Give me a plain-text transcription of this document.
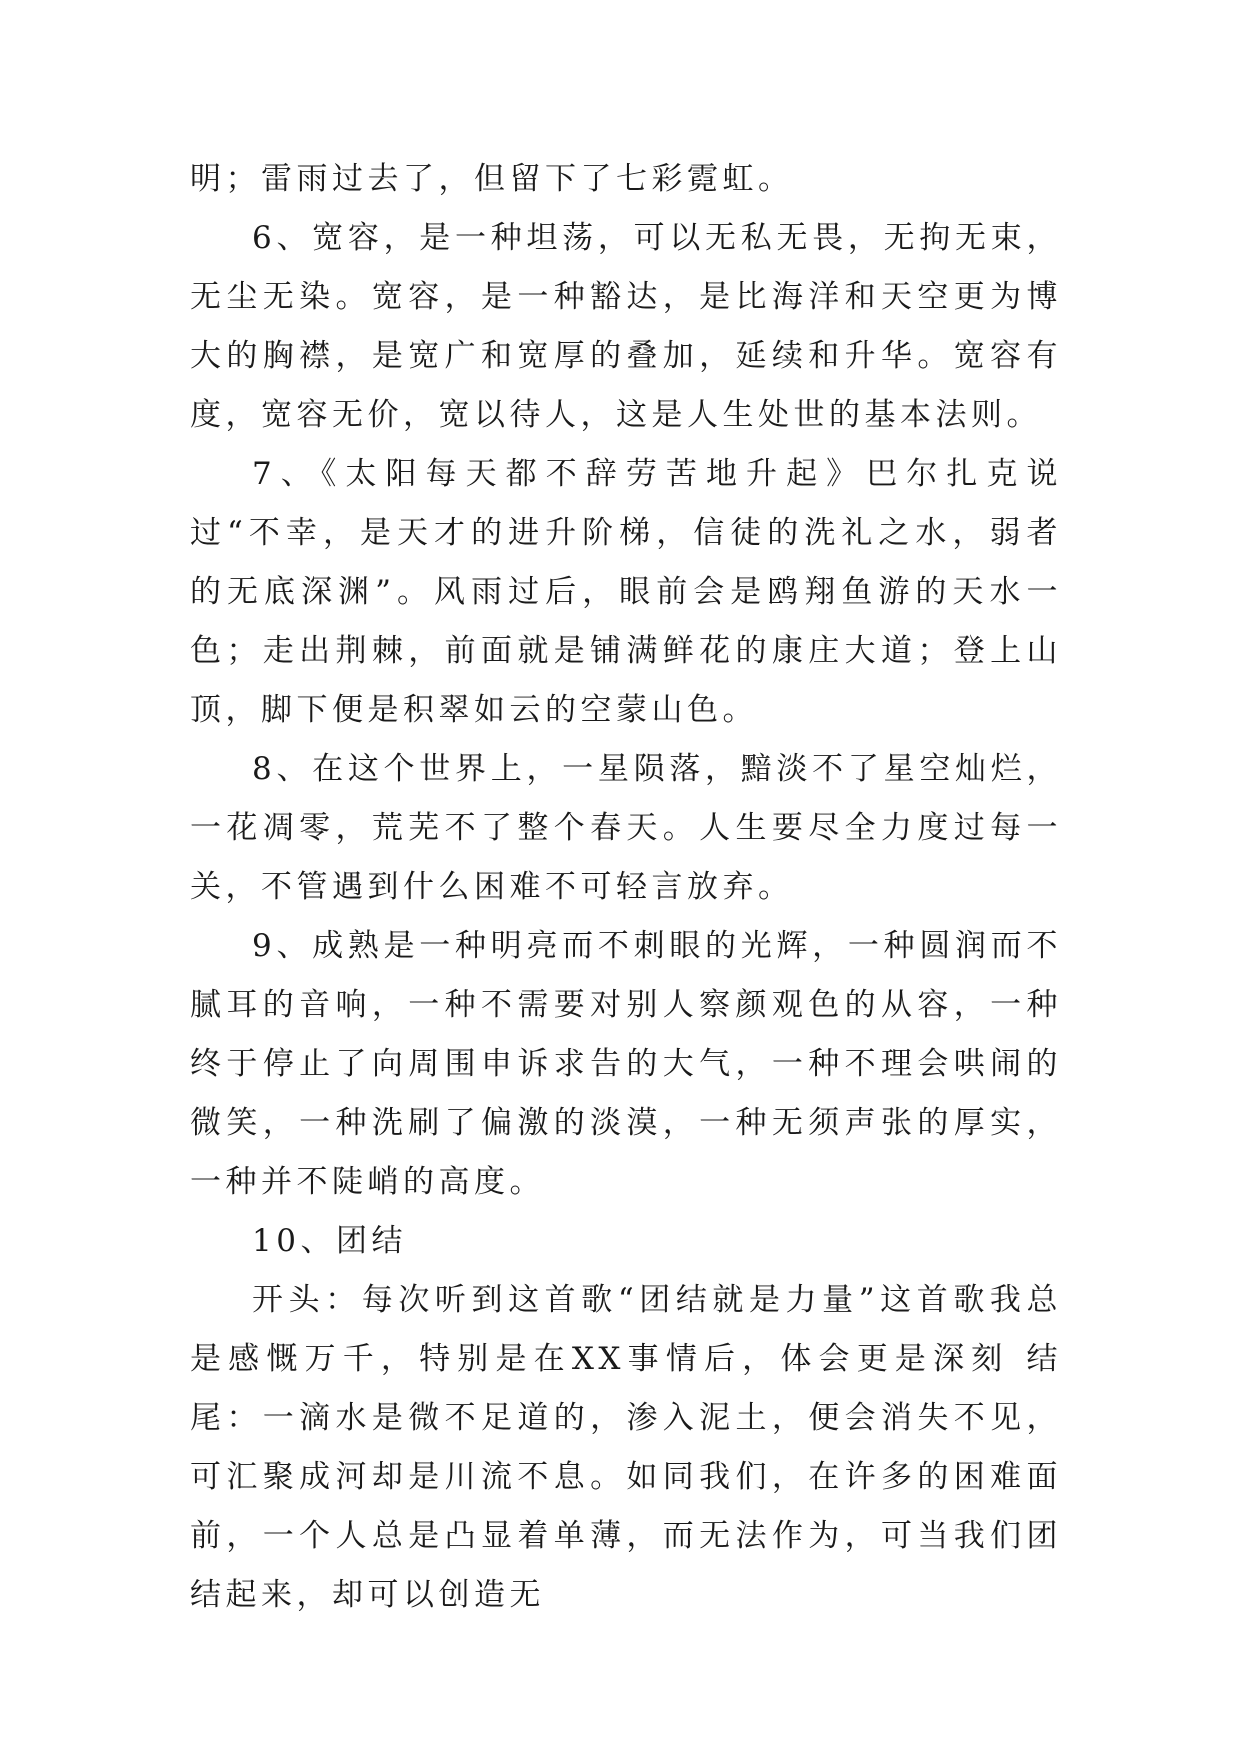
明；雷雨过去了，但留下了七彩霓虹。

6、宽容，是一种坦荡，可以无私无畏，无拘无束，无尘无染。宽容，是一种豁达，是比海洋和天空更为博大的胸襟，是宽广和宽厚的叠加，延续和升华。宽容有度，宽容无价，宽以待人，这是人生处世的基本法则。

7、《太阳每天都不辞劳苦地升起》巴尔扎克说过“不幸，是天才的进升阶梯，信徒的洗礼之水，弱者的无底深渊”。风雨过后，眼前会是鸥翔鱼游的天水一色；走出荆棘，前面就是铺满鲜花的康庄大道；登上山顶，脚下便是积翠如云的空蒙山色。

8、在这个世界上，一星陨落，黯淡不了星空灿烂，一花凋零，荒芜不了整个春天。人生要尽全力度过每一关，不管遇到什么困难不可轻言放弃。

9、成熟是一种明亮而不刺眼的光辉，一种圆润而不腻耳的音响，一种不需要对别人察颜观色的从容，一种终于停止了向周围申诉求告的大气，一种不理会哄闹的微笑，一种洗刷了偏激的淡漠，一种无须声张的厚实，一种并不陡峭的高度。

10、团结

开头：每次听到这首歌“团结就是力量”这首歌我总是感慨万千，特别是在XX事情后，体会更是深刻 结尾：一滴水是微不足道的，渗入泥土，便会消失不见，可汇聚成河却是川流不息。如同我们，在许多的困难面前，一个人总是凸显着单薄，而无法作为，可当我们团结起来，却可以创造无
